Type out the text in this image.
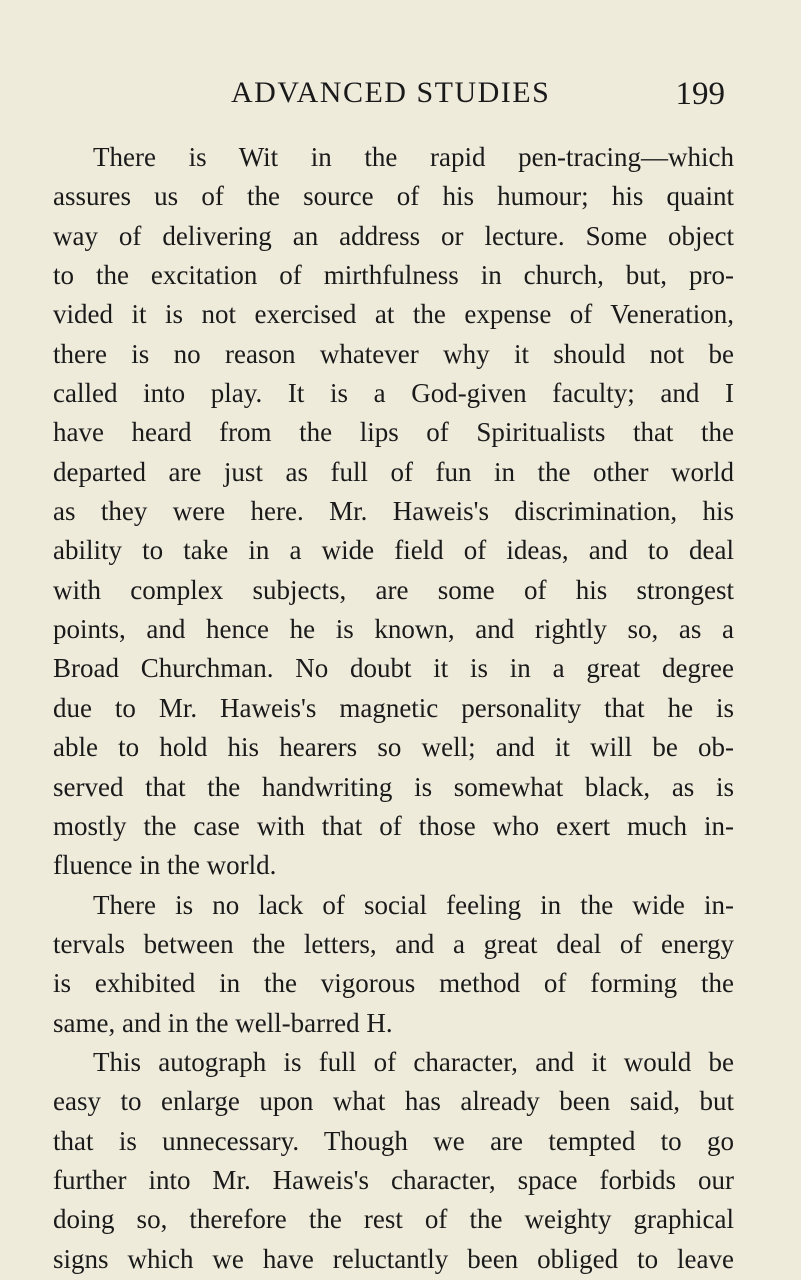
ADVANCED STUDIES	199
There is Wit in the rapid pen-tracing—which
assures us of the source of his humour; his quaint
way of delivering an address or lecture. Some object
to the excitation of mirthfulness in church, but, pro-
vided it is not exercised at the expense of Veneration,
there is no reason whatever why it should not be
called into play. It is a God-given faculty; and I
have heard from the lips of Spiritualists that the
departed are just as full of fun in the other world
as they were here. Mr. Haweis's discrimination, his
ability to take in a wide field of ideas, and to deal
with complex subjects, are some of his strongest
points, and hence he is known, and rightly so, as a
Broad Churchman. No doubt it is in a great degree
due to Mr. Haweis's magnetic personality that he is
able to hold his hearers so well; and it will be ob-
served that the handwriting is somewhat black, as is
mostly the case with that of those who exert much in-
fluence in the world.
There is no lack of social feeling in the wide in-
tervals between the letters, and a great deal of energy
is exhibited in the vigorous method of forming the
same, and in the well-barred H.
This autograph is full of character, and it would be
easy to enlarge upon what has already been said, but
that is unnecessary. Though we are tempted to go
further into Mr. Haweis's character, space forbids our
doing so, therefore the rest of the weighty graphical
signs which we have reluctantly been obliged to leave
